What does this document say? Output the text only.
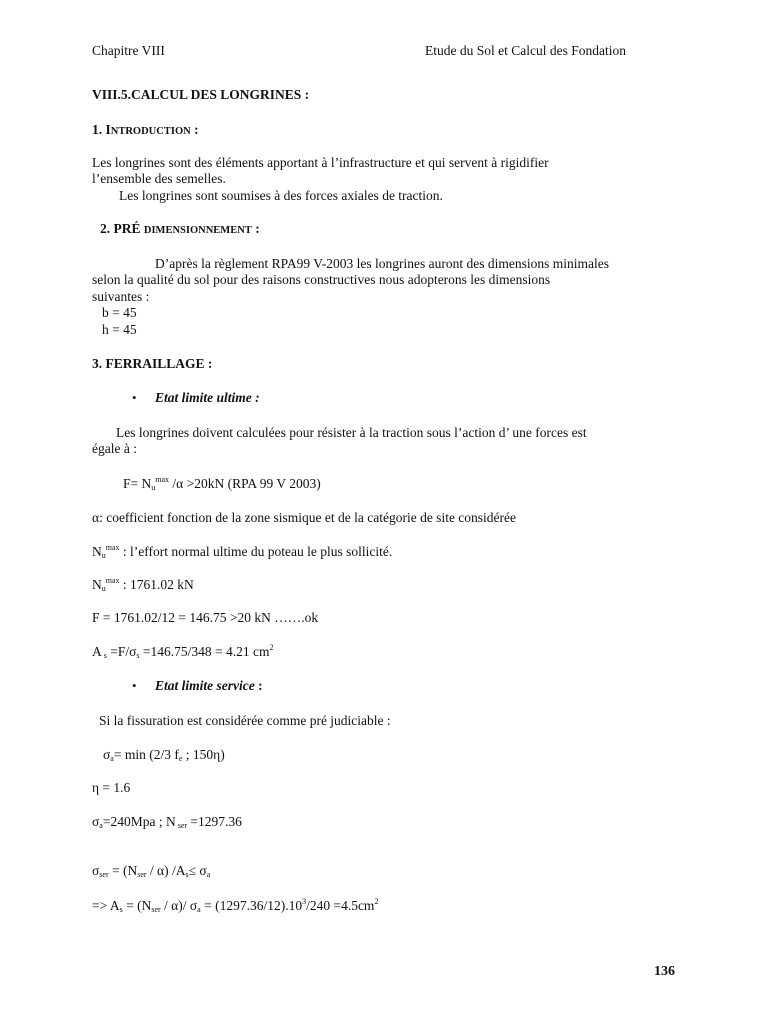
Chapitre VIII	Etude du Sol et Calcul des Fondation
VIII.5.CALCUL DES LONGRINES :
1. INTRODUCTION :
Les longrines sont des éléments apportant à l’infrastructure et qui servent à rigidifier
l’ensemble des semelles.
Les longrines sont soumises à des forces axiales de traction.
2. PRÉ DIMENSIONNEMENT :
D’après la règlement RPA99 V-2003 les longrines auront des dimensions minimales
selon la qualité du sol pour des raisons constructives nous adopterons les dimensions
suivantes :
b = 45
h = 45
3. FERRAILLAGE :
• Etat limite ultime :
Les longrines doivent calculées pour résister à la traction sous l’action d’ une forces est
égale à :
$F= N_u^{max}$ /α >20kN (RPA 99 V 2003)
α: coefficient fonction de la zone sismique et de la catégorie de site considérée
$N_u^{max}$ : l’effort normal ultime du poteau le plus sollicité.
$N_u^{max}$ : 1761.02 kN
F = 1761.02/12 = 146.75 >20 kN …….ok
A $_s =F/\sigma_s =146.75/348 = 4.21$ $cm^2$
• Etat limite service :
Si la fissuration est considérée comme pré judiciable :
$\sigma_a= \min (2/3$ $f_e$ ; 150η)
η = 1.6
$\sigma_a=240Mpa$ ; N $_{ser}$ =1297.36
$\sigma_{ser} = (N_{ser} / \alpha)$ $/A_s\le \sigma_a$
=> $A_s = (N_{ser} / \alpha)/$ $\sigma_a = (1297.36/12).10^3/240 =4.5cm^2$
136
